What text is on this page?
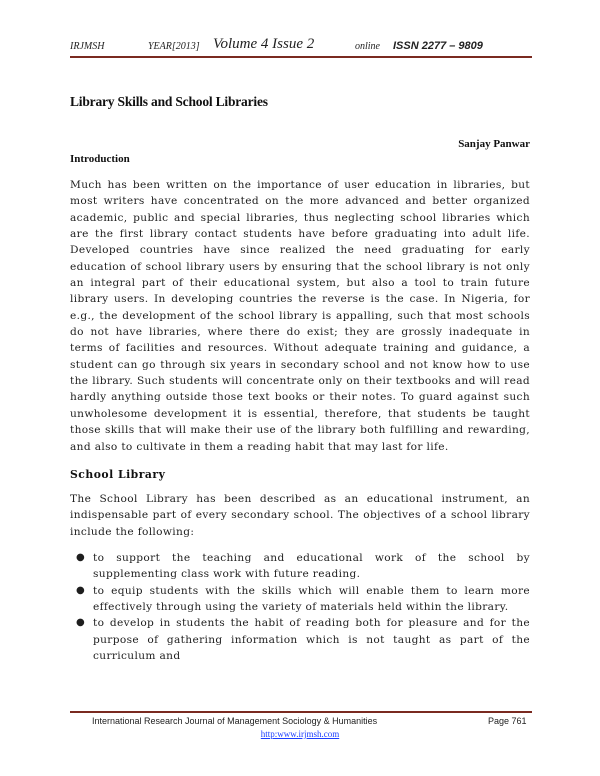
IRJMSH	YEAR[2013] Volume 4 Issue 2	online ISSN 2277 – 9809
Library Skills and School Libraries
Sanjay Panwar
Introduction

Much has been written on the importance of user education in libraries, but most writers have concentrated on the more advanced and better organized academic, public and special libraries, thus neglecting school libraries which are the first library contact students have before graduating into adult life. Developed countries have since realized the need graduating for early education of school library users by ensuring that the school library is not only an integral part of their educational system, but also a tool to train future library users. In developing countries the reverse is the case. In Nigeria, for e.g., the development of the school library is appalling, such that most schools do not have libraries, where there do exist; they are grossly inadequate in terms of facilities and resources. Without adequate training and guidance, a student can go through six years in secondary school and not know how to use the library. Such students will concentrate only on their textbooks and will read hardly anything outside those text books or their notes. To guard against such unwholesome development it is essential, therefore, that students be taught those skills that will make their use of the library both fulfilling and rewarding, and also to cultivate in them a reading habit that may last for life.

School Library

The School Library has been described as an educational instrument, an indispensable part of every secondary school. The objectives of a school library include the following:

● to support the teaching and educational work of the school by supplementing class work with future reading.
● to equip students with the skills which will enable them to learn more effectively through using the variety of materials held within the library.
● to develop in students the habit of reading both for pleasure and for the purpose of gathering information which is not taught as part of the curriculum and
International Research Journal of Management Sociology & Humanities	Page 761
http:www.irjmsh.com
